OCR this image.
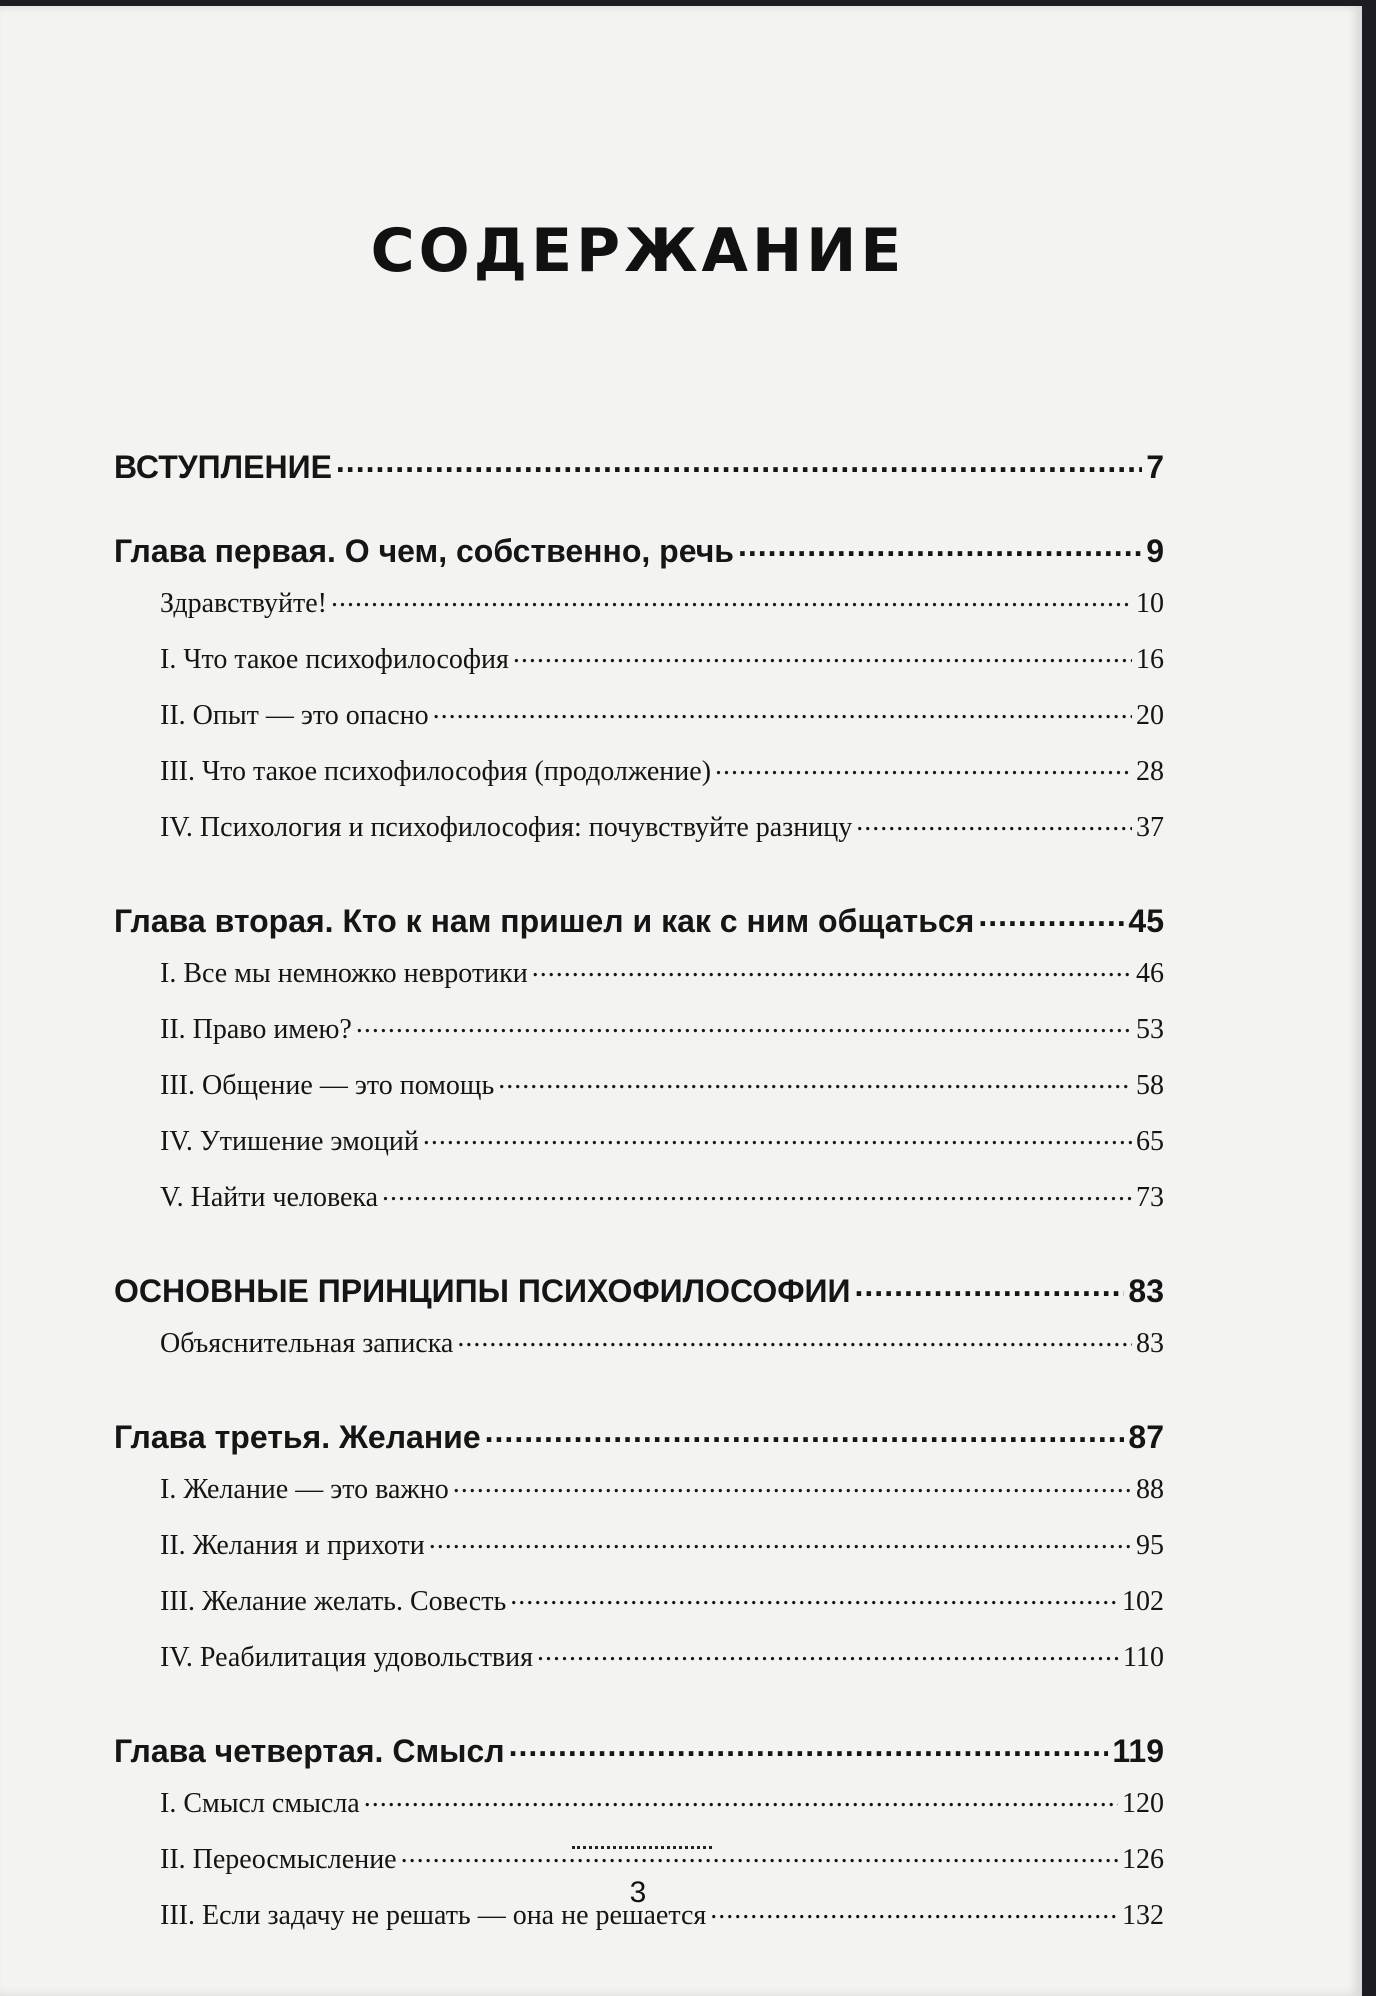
СОДЕРЖАНИЕ
ВСТУПЛЕНИЕ .....	7
Глава первая. О чем, собственно, речь .....	9
Здравствуйте! .....	10
I. Что такое психофилософия .....	16
II. Опыт — это опасно .....	20
III. Что такое психофилософия (продолжение) .....	28
IV. Психология и психофилософия: почувствуйте разницу .....	37
Глава вторая. Кто к нам пришел и как с ним общаться .....	45
I. Все мы немножко невротики .....	46
II. Право имею? .....	53
III. Общение — это помощь .....	58
IV. Утишение эмоций .....	65
V. Найти человека .....	73
ОСНОВНЫЕ ПРИНЦИПЫ ПСИХОФИЛОСОФИИ .....	83
Объяснительная записка .....	83
Глава третья. Желание .....	87
I. Желание — это важно .....	88
II. Желания и прихоти .....	95
III. Желание желать. Совесть .....	102
IV. Реабилитация удовольствия .....	110
Глава четвертая. Смысл .....	119
I. Смысл смысла .....	120
II. Переосмысление .....	126
III. Если задачу не решать — она не решается .....	132
3
